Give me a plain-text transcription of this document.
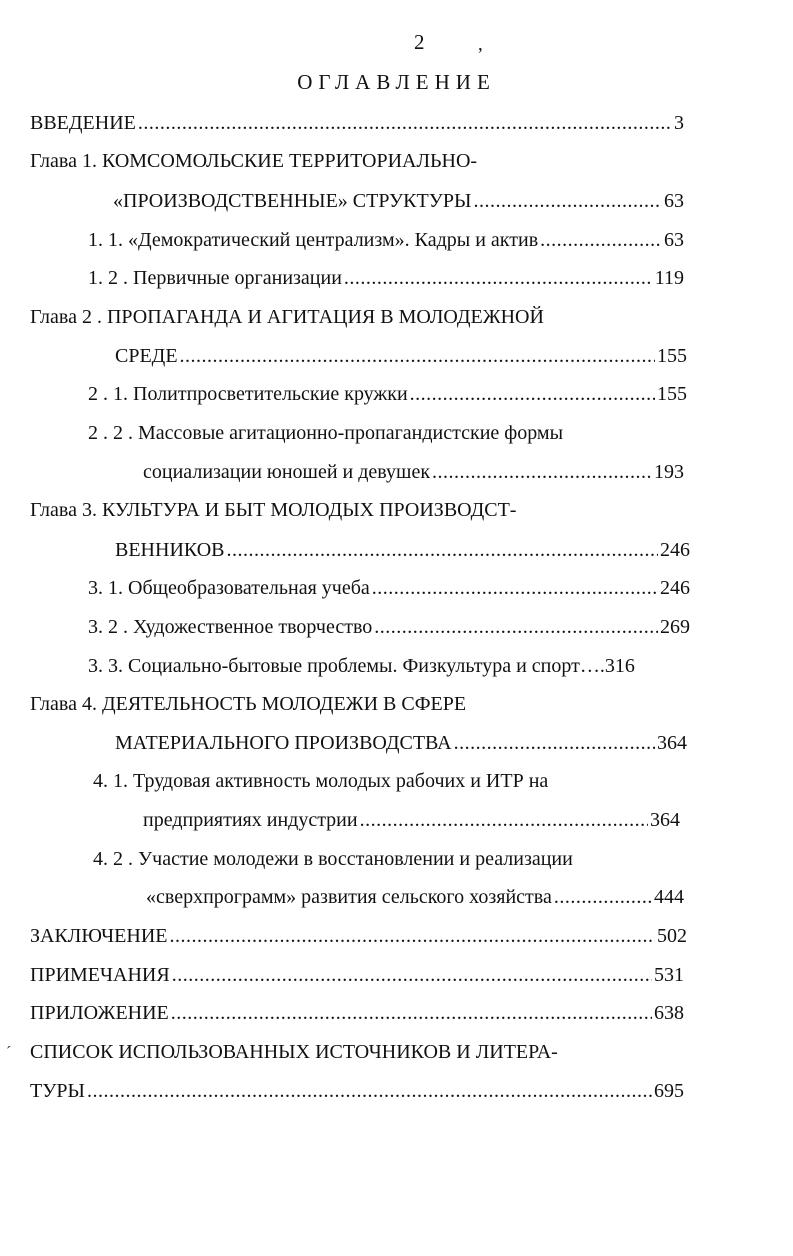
2	,
ОГЛАВЛЕНИЕ
ВВЕДЕНИЕ .....	3
Глава 1. КОМСОМОЛЬСКИЕ ТЕРРИТОРИАЛЬНО-
«ПРОИЗВОДСТВЕННЫЕ» СТРУКТУРЫ .....	63
1. 1. «Демократический централизм». Кадры и актив .....	63
1. 2 . Первичные организации .....	119
Глава 2 . ПРОПАГАНДА И АГИТАЦИЯ В МОЛОДЕЖНОЙ
СРЕДЕ .....	155
2 . 1. Политпросветительские кружки .....	155
2 . 2 . Массовые агитационно-пропагандистские формы
социализации юношей и девушек .....	193
Глава 3. КУЛЬТУРА И БЫТ МОЛОДЫХ ПРОИЗВОДСТ-
ВЕННИКОВ .....	246
3. 1. Общеобразовательная учеба .....	246
3. 2 . Художественное творчество .....	269
3. 3. Социально-бытовые проблемы. Физкультура и спорт….316
Глава 4. ДЕЯТЕЛЬНОСТЬ МОЛОДЕЖИ В СФЕРЕ
МАТЕРИАЛЬНОГО ПРОИЗВОДСТВА .....	364
4. 1. Трудовая активность молодых рабочих и ИТР на
предприятиях индустрии .....	364
4. 2 . Участие молодежи в восстановлении и реализации
«сверхпрограмм» развития сельского хозяйства .....	444
ЗАКЛЮЧЕНИЕ .....	502
ПРИМЕЧАНИЯ .....	531
ПРИЛОЖЕНИЕ .....	638
ˊ СПИСОК ИСПОЛЬЗОВАННЫХ ИСТОЧНИКОВ И ЛИТЕРА-
ТУРЫ .....	695
